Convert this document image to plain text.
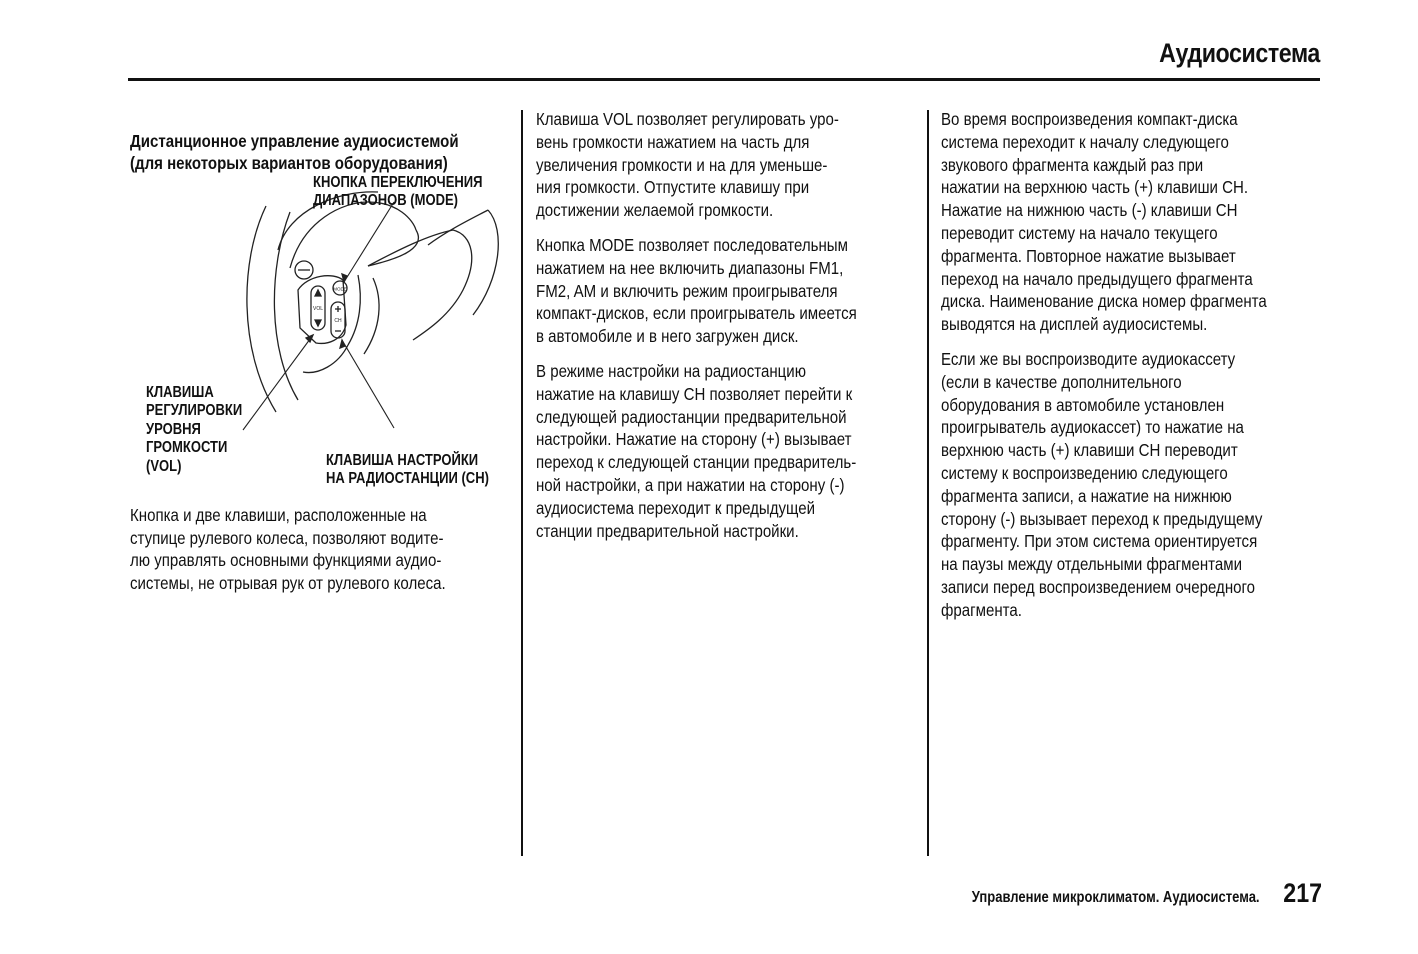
Аудиосистема

Дистанционное управление аудиосистемой
(для некоторых вариантов оборудования)

MODE
VOL
CH

КНОПКА ПЕРЕКЛЮЧЕНИЯ
ДИАПАЗОНОВ (MODE)

КЛАВИША
РЕГУЛИРОВКИ
УРОВНЯ
ГРОМКОСТИ
(VOL)	КЛАВИША НАСТРОЙКИ
НА РАДИОСТАНЦИИ (CH)

Кнопка и две клавиши, расположенные на
ступице рулевого колеса, позволяют водите-
лю управлять основными функциями аудио-
системы, не отрывая рук от рулевого колеса.

Клавиша VOL позволяет регулировать уро-
вень громкости нажатием на часть для
увеличения громкости и на для уменьше-
ния громкости. Отпустите клавишу при
достижении желаемой громкости.

Кнопка MODE позволяет последовательным
нажатием на нее включить диапазоны FM1,
FM2, AM и включить режим проигрывателя
компакт-дисков, если проигрыватель имеется
в автомобиле и в него загружен диск.

В режиме настройки на радиостанцию
нажатие на клавишу CH позволяет перейти к
следующей радиостанции предварительной
настройки. Нажатие на сторону (+) вызывает
переход к следующей станции предваритель-
ной настройки, а при нажатии на сторону (-)
аудиосистема переходит к предыдущей
станции предварительной настройки.

Во время воспроизведения компакт-диска
система переходит к началу следующего
звукового фрагмента каждый раз при
нажатии на верхнюю часть (+) клавиши CH.
Нажатие на нижнюю часть (-) клавиши CH
переводит систему на начало текущего
фрагмента. Повторное нажатие вызывает
переход на начало предыдущего фрагмента
диска. Наименование диска номер фрагмента
выводятся на дисплей аудиосистемы.

Если же вы воспроизводите аудиокассету
(если в качестве дополнительного
оборудования в автомобиле установлен
проигрыватель аудиокассет) то нажатие на
верхнюю часть (+) клавиши CH переводит
систему к воспроизведению следующего
фрагмента записи, а нажатие на нижнюю
сторону (-) вызывает переход к предыдущему
фрагменту. При этом система ориентируется
на паузы между отдельными фрагментами
записи перед воспроизведением очередного
фрагмента.

Управление микроклиматом. Аудиосистема. 217
